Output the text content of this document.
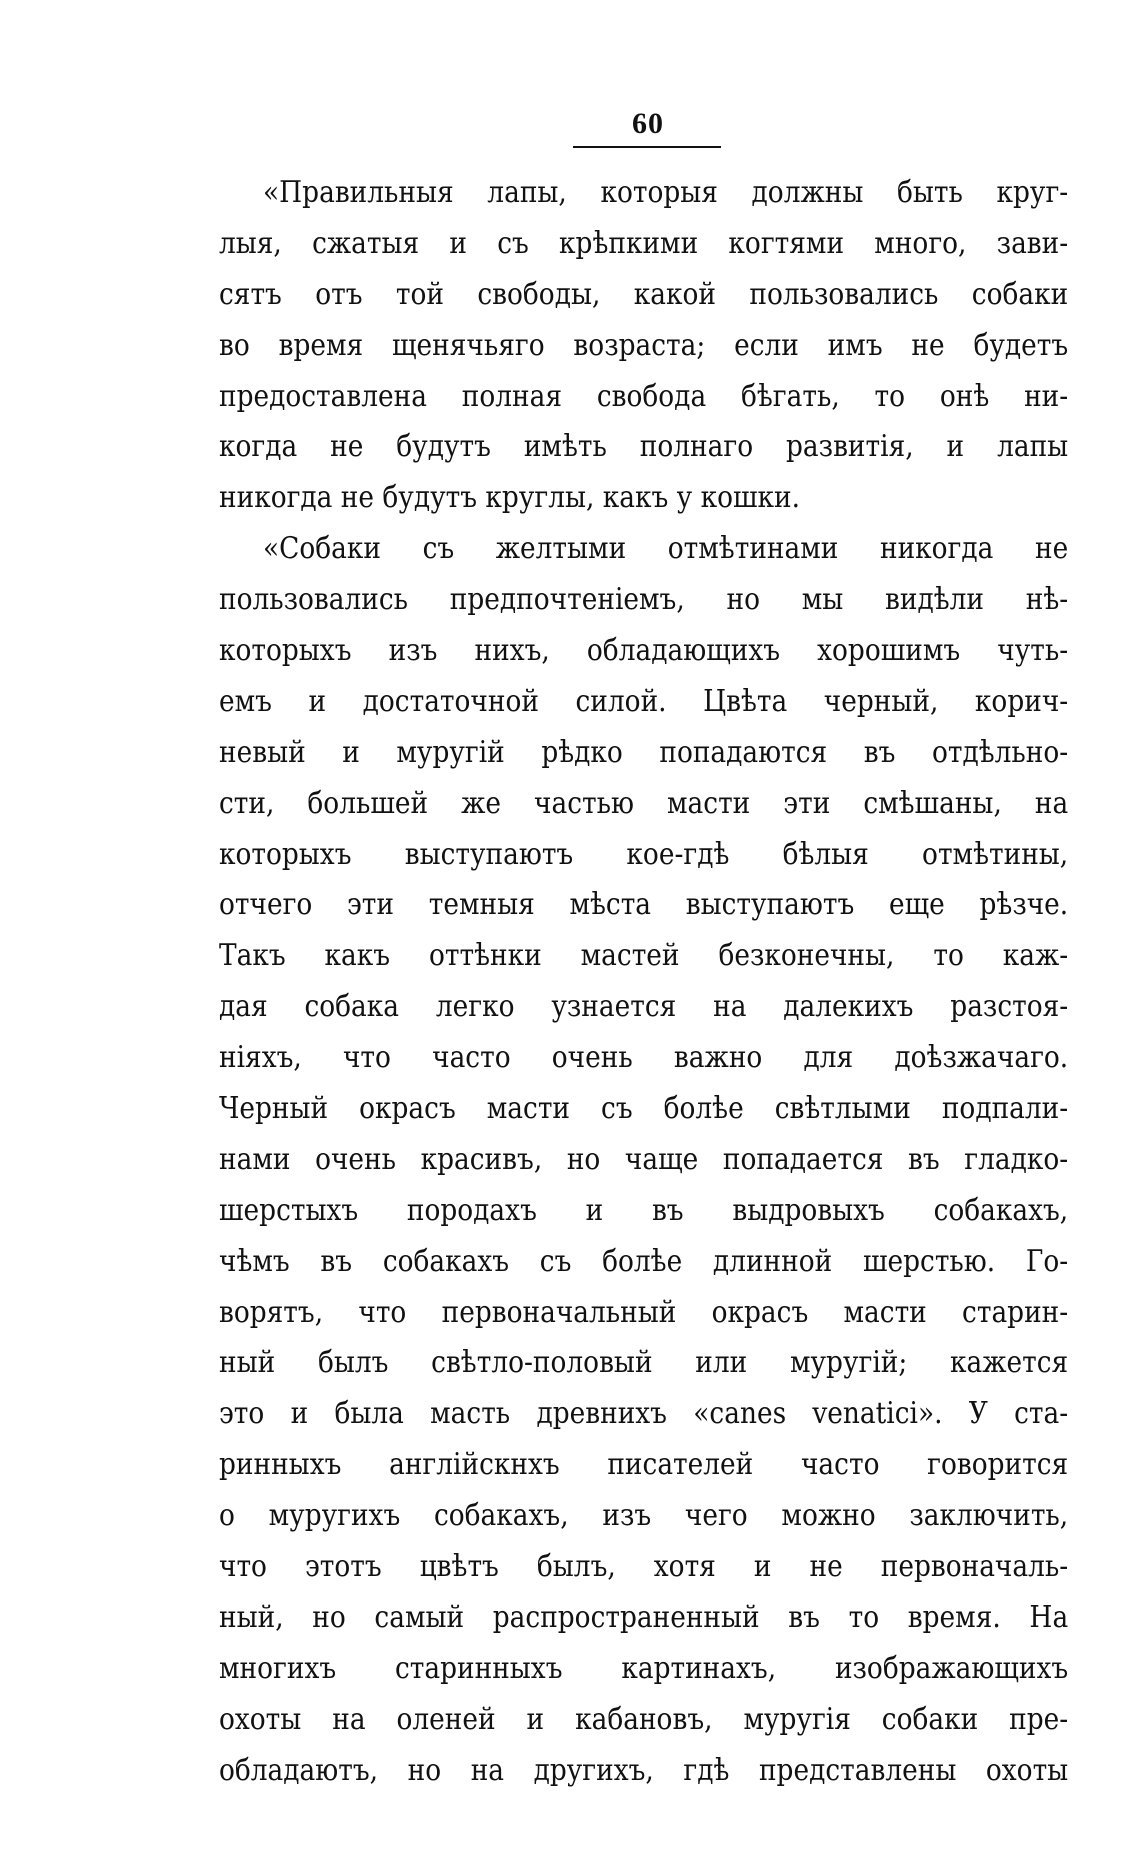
60
«Правильныя лапы, которыя должны быть круг-
лыя, сжатыя и съ крѣпкими когтями много, зави-
сятъ отъ той свободы, какой пользовались собаки
во время щенячьяго возраста; если имъ не будетъ
предоставлена полная свобода бѣгать, то онѣ ни-
когда не будутъ имѣть полнаго развитія, и лапы
никогда не будутъ круглы, какъ у кошки.
«Собаки съ желтыми отмѣтинами никогда не
пользовались предпочтеніемъ, но мы видѣли нѣ-
которыхъ изъ нихъ, обладающихъ хорошимъ чуть-
емъ и достаточной силой. Цвѣта черный, корич-
невый и муругій рѣдко попадаются въ отдѣльно-
сти, большей же частью масти эти смѣшаны, на
которыхъ выступаютъ кое-гдѣ бѣлыя отмѣтины,
отчего эти темныя мѣста выступаютъ еще рѣзче.
Такъ какъ оттѣнки мастей безконечны, то каж-
дая собака легко узнается на далекихъ разстоя-
ніяхъ, что часто очень важно для доѣзжачаго.
Черный окрасъ масти съ болѣе свѣтлыми подпали-
нами очень красивъ, но чаще попадается въ гладко-
шерстыхъ породахъ и въ выдровыхъ собакахъ,
чѣмъ въ собакахъ съ болѣе длинной шерстью. Го-
ворятъ, что первоначальный окрасъ масти старин-
ный былъ свѣтло-половый или муругій; кажется
это и была масть древнихъ «canes venatici». У ста-
ринныхъ англійскнхъ писателей часто говорится
о муругихъ собакахъ, изъ чего можно заключить,
что этотъ цвѣтъ былъ, хотя и не первоначаль-
ный, но самый распространенный въ то время. На
многихъ старинныхъ картинахъ, изображающихъ
охоты на оленей и кабановъ, муругія собаки пре-
обладаютъ, но на другихъ, гдѣ представлены охоты
